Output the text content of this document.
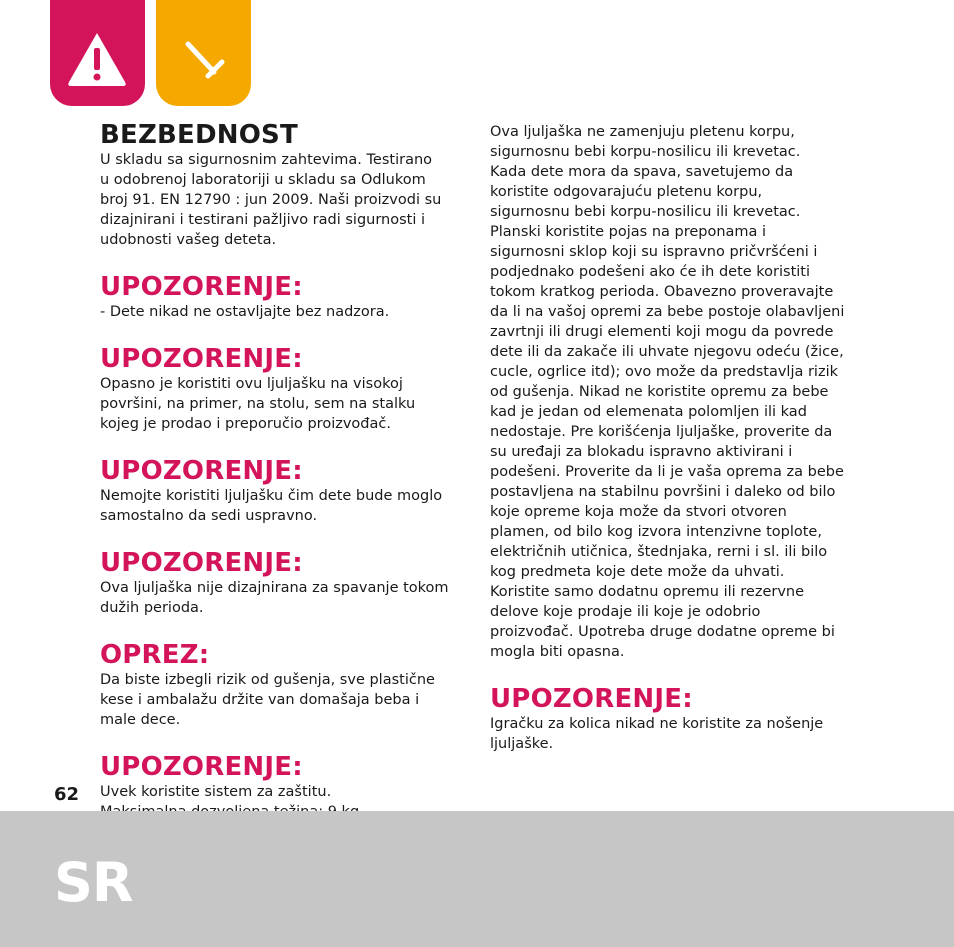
BEZBEDNOST

U skladu sa sigurnosnim zahtevima. Testirano
u odobrenoj laboratoriji u skladu sa Odlukom
broj 91. EN 12790 : jun 2009. Naši proizvodi su
dizajnirani i testirani pažljivo radi sigurnosti i
udobnosti vašeg deteta.

UPOZORENJE:

- Dete nikad ne ostavljajte bez nadzora.

UPOZORENJE:

Opasno je koristiti ovu ljuljašku na visokoj
površini, na primer, na stolu, sem na stalku
kojeg je prodao i preporučio proizvođač.

UPOZORENJE:

Nemojte koristiti ljuljašku čim dete bude moglo
samostalno da sedi uspravno.

UPOZORENJE:

Ova ljuljaška nije dizajnirana za spavanje tokom
dužih perioda.

OPREZ:

Da biste izbegli rizik od gušenja, sve plastične
kese i ambalažu držite van domašaja beba i
male dece.

UPOZORENJE:

Uvek koristite sistem za zaštitu.

Ova ljuljaška ne zamenjuju pletenu korpu,
sigurnosnu bebi korpu-nosilicu ili krevetac.
Kada dete mora da spava, savetujemo da
koristite odgovarajuću pletenu korpu,
sigurnosnu bebi korpu-nosilicu ili krevetac.
Planski koristite pojas na preponama i
sigurnosni sklop koji su ispravno pričvršćeni i
podjednako podešeni ako će ih dete koristiti
tokom kratkog perioda. Obavezno proveravajte
da li na vašoj opremi za bebe postoje olabavljeni
zavrtnji ili drugi elementi koji mogu da povrede
dete ili da zakače ili uhvate njegovu odeću (žice,
cucle, ogrlice itd); ovo može da predstavlja rizik
od gušenja. Nikad ne koristite opremu za bebe
kad je jedan od elemenata polomljen ili kad
nedostaje. Pre korišćenja ljuljaške, proverite da
su uređaji za blokadu ispravno aktivirani i
podešeni. Proverite da li je vaša oprema za bebe
postavljena na stabilnu površini i daleko od bilo
koje opreme koja može da stvori otvoren
plamen, od bilo kog izvora intenzivne toplote,
električnih utičnica, štednjaka, rerni i sl. ili bilo
kog predmeta koje dete može da uhvati.
Koristite samo dodatnu opremu ili rezervne
delove koje prodaje ili koje je odobrio
proizvođač. Upotreba druge dodatne opreme bi
mogla biti opasna.

UPOZORENJE:

Igračku za kolica nikad ne koristite za nošenje
ljuljaške.

62
SR
